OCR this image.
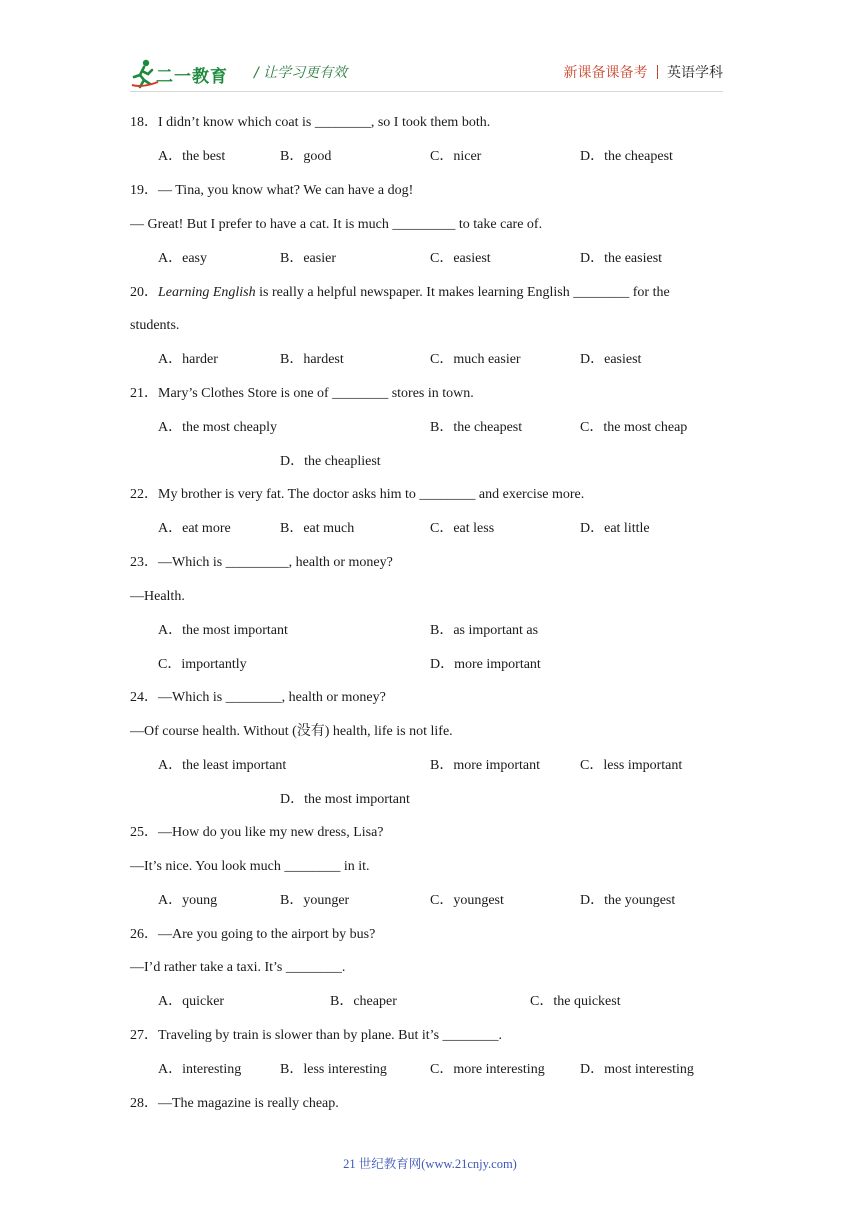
二一教育 / 让学习更有效	新课备课备考 英语学科
18．I didn’t know which coat is ________, so I took them both.
A．the best	B．good	C．nicer	D．the cheapest
19．— Tina, you know what? We can have a dog!
— Great! But I prefer to have a cat. It is much _________ to take care of.
A．easy	B．easier	C．easiest	D．the easiest
20．Learning English is really a helpful newspaper. It makes learning English ________ for the
students.
A．harder	B．hardest	C．much easier	D．easiest
21．Mary’s Clothes Store is one of ________ stores in town.
A．the most cheaply	B．the cheapest	C．the most cheap
D．the cheapliest
22．My brother is very fat. The doctor asks him to ________ and exercise more.
A．eat more	B．eat much	C．eat less	D．eat little
23．—Which is _________, health or money?
—Health.
A．the most important	B．as important as
C．importantly	D．more important
24．—Which is ________, health or money?
—Of course health. Without (没有) health, life is not life.
A．the least important	B．more important	C．less important
D．the most important
25．—How do you like my new dress, Lisa?
—It’s nice. You look much ________ in it.
A．young	B．younger	C．youngest	D．the youngest
26．—Are you going to the airport by bus?
—I’d rather take a taxi. It’s ________.
A．quicker	B．cheaper	C．the quickest
27．Traveling by train is slower than by plane. But it’s ________.
A．interesting	B．less interesting	C．more interesting	D．most interesting
28．—The magazine is really cheap.
21 世纪教育网(www.21cnjy.com)
